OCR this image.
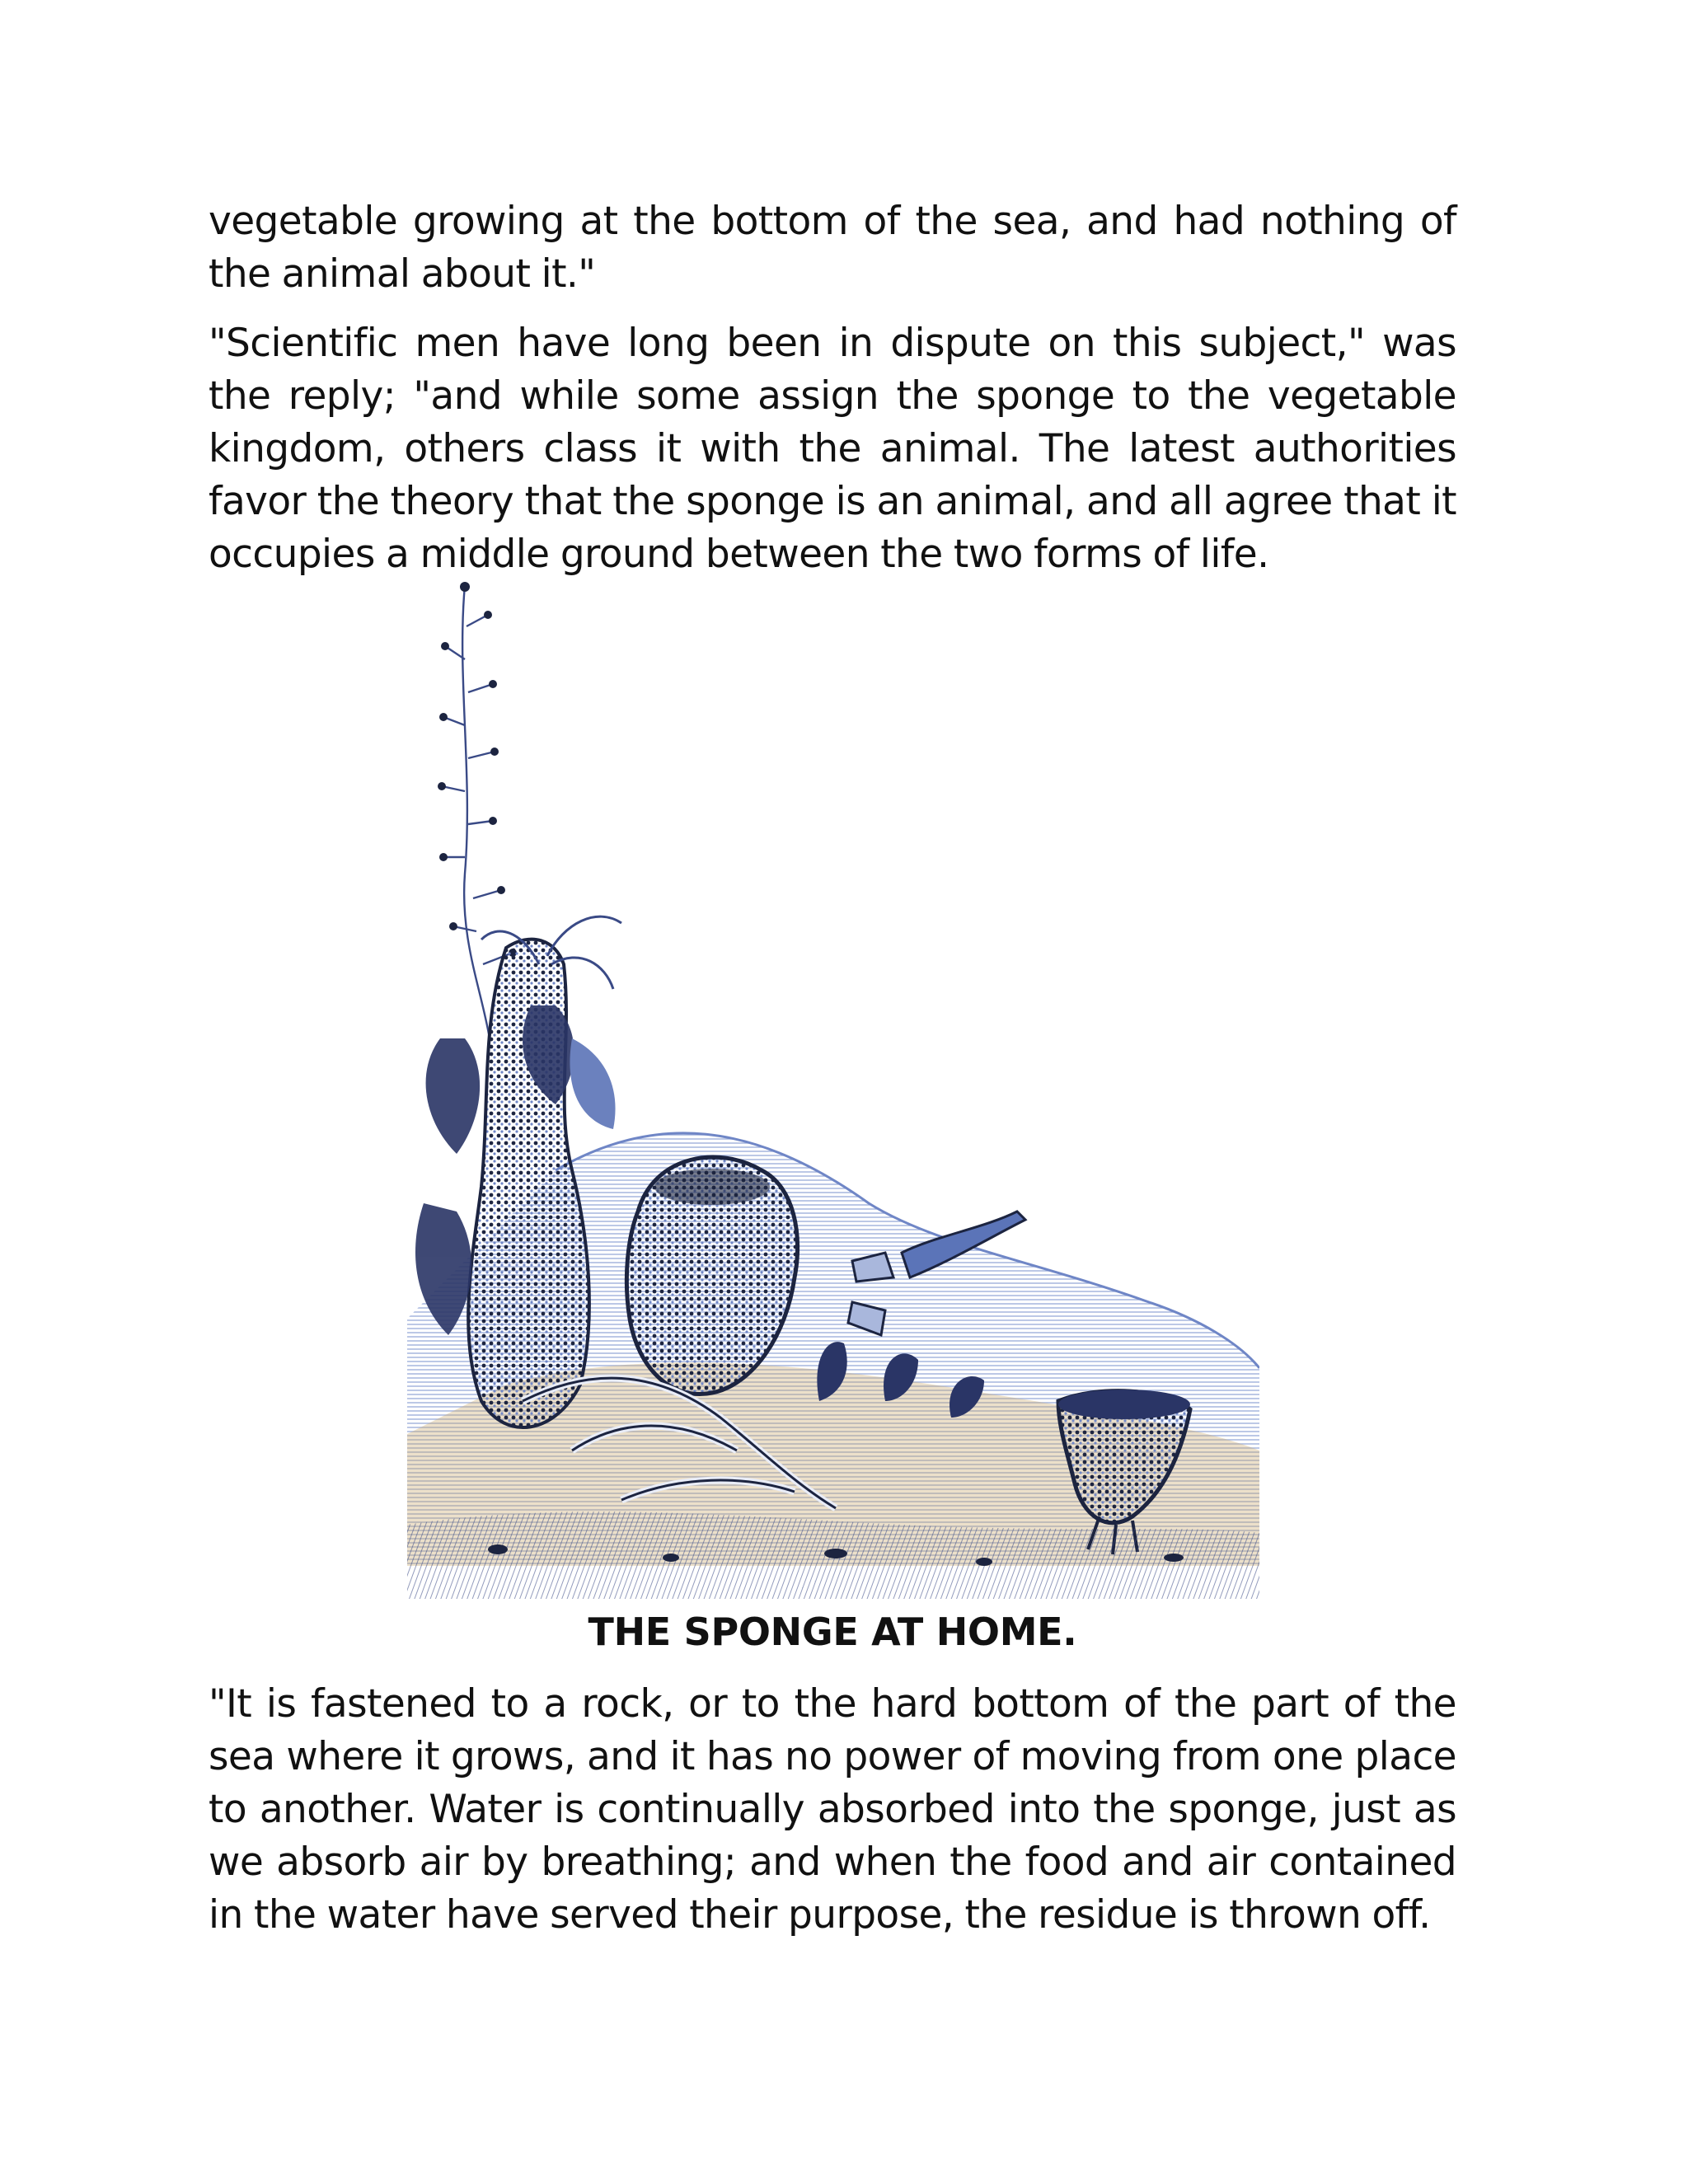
vegetable growing at the bottom of the sea, and had nothing of the animal about it."

"Scientific men have long been in dispute on this subject," was the reply; "and while some assign the sponge to the vegetable kingdom, others class it with the animal. The latest authorities favor the theory that the sponge is an animal, and all agree that it occupies a middle ground between the two forms of life.

THE SPONGE AT HOME.

"It is fastened to a rock, or to the hard bottom of the part of the sea where it grows, and it has no power of moving from one place to another. Water is continually absorbed into the sponge, just as we absorb air by breathing; and when the food and air contained in the water have served their purpose, the residue is thrown off.
